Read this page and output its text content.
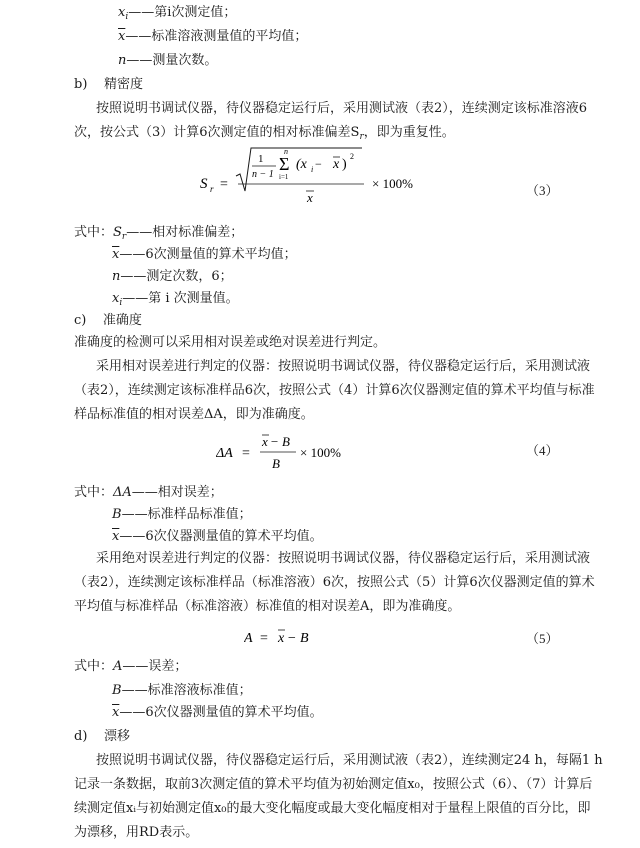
$x_i——$第i次测定值；
$\overline{x}——$标准溶液测量值的平均值；
n——测量次数。
b) 精密度
按照说明书调试仪器，待仪器稳定运行后，采用测试液（表2），连续测定该标准溶液6
次，按公式（3）计算6次测定值的相对标准偏差$S_r$，即为重复性。
S r =
1
n − 1
n
Σ
i=1
(x i − x )
2
x
× 100%	（3）
式中：$S_r——$相对标准偏差；
$\overline{x}——6$次测量值的算术平均值；
n——测定次数，6；
$x_i——$第 i 次测量值。
c) 准确度
准确度的检测可以采用相对误差或绝对误差进行判定。
采用相对误差进行判定的仪器：按照说明书调试仪器，待仪器稳定运行后，采用测试液
（表2），连续测定该标准样品6次，按照公式（4）计算6次仪器测定值的算术平均值与标准
样品标准值的相对误差ΔA，即为准确度。
ΔA =
x − B
B
× 100%	（4）
式中：ΔA——相对误差；
B——标准样品标准值；
$\overline{x}——6$次仪器测量值的算术平均值。
采用绝对误差进行判定的仪器：按照说明书调试仪器，待仪器稳定运行后，采用测试液
（表2），连续测定该标准样品（标准溶液）6次，按照公式（5）计算6次仪器测定值的算术
平均值与标准样品（标准溶液）标准值的相对误差A，即为准确度。
A = x − B	（5）
式中：A——误差；
B——标准溶液标准值；
$\overline{x}——6$次仪器测量值的算术平均值。
d) 漂移
按照说明书调试仪器，待仪器稳定运行后，采用测试液（表2），连续测定24 h，每隔1 h
记录一条数据，取前3次测定值的算术平均值为初始测定值x₀，按照公式（6）、（7）计算后
续测定值xᵢ与初始测定值x₀的最大变化幅度或最大变化幅度相对于量程上限值的百分比，即
为漂移，用RD表示。
